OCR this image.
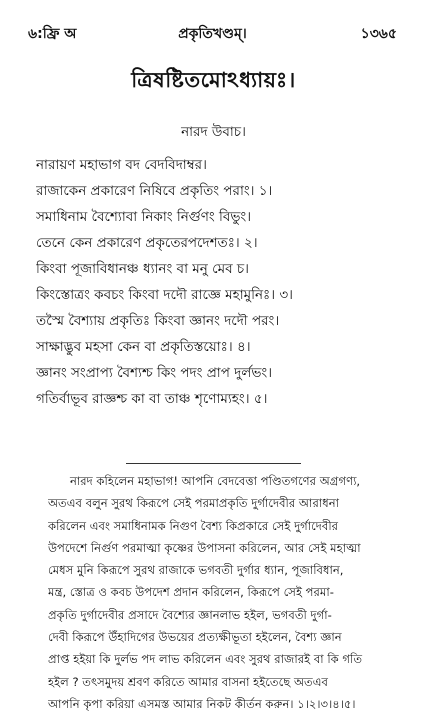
৬:ফ্রি অ	প্রকৃতিখণ্ডম্।	১৩৬৫
ত্রিষষ্টিতমোঽধ্যায়ঃ।
নারদ উবাচ।
নারায়ণ মহাভাগ বদ বেদবিদাম্বর।
রাজাকেন প্রকারেণ নিষিবে প্রকৃতিং পরাং। ১।
সমাধিনাম বৈশ্যোবা নিকাং নির্গুণং বিভুং।
তেনে কেন প্রকারেণ প্রকৃতেরপদেশতঃ। ২।
কিংবা পূজাবিধানঞ্চ ধ্যানং বা মনু মেব চ।
কিংস্তোত্রং কবচং কিংবা দদৌ রাজ্ঞে মহামুনিঃ। ৩।
তস্মৈ বৈশ্যায় প্রকৃতিঃ কিংবা জ্ঞানং দদৌ পরং।
সাক্ষাদ্ভুব মহসা কেন বা প্রকৃতিস্তয়োঃ। ৪।
জ্ঞানং সংপ্রাপ্য বৈশ্যশ্চ কিং পদং প্রাপ দুর্লভং।
গতির্বাভূব রাজ্ঞশ্চ কা বা তাঞ্চ শৃণোম্যহং। ৫।
নারদ কহিলেন মহাভাগ! আপনি বেদবেত্তা পণ্ডিতগণের অগ্রগণ্য,
অতএব বলুন সুরথ কিরূপে সেই পরমাপ্রকৃতি দুর্গাদেবীর আরাধনা
করিলেন এবং সমাধিনামক নিগুণ বৈশ্য কিপ্রকারে সেই দুর্গাদেবীর
উপদেশে নির্গুণ পরমাত্মা কৃষ্ণের উপাসনা করিলেন, আর সেই মহাত্মা
মেধস মুনি কিরূপে সুরথ রাজাকে ভগবতী দুর্গার ধ্যান, পূজাবিধান,
মন্ত্র, স্তোত্র ও কবচ উপদেশ প্রদান করিলেন, কিরূপে সেই পরমা-
প্রকৃতি দুর্গাদেবীর প্রসাদে বৈশ্যের জ্ঞানলাভ হইল, ভগবতী দুর্গা-
দেবী কিরূপে উঁহাদিগের উভয়ের প্রত্যক্ষীভূতা হইলেন, বৈশ্য জ্ঞান
প্রাপ্ত হইয়া কি দুর্লভ পদ লাভ করিলেন এবং সুরথ রাজারই বা কি গতি
হইল ? তৎসমুদয় শ্রবণ করিতে আমার বাসনা হইতেছে অতএব
আপনি কৃপা করিয়া এসমস্ত আমার নিকট কীর্তন করুন। ১।২।৩।৪।৫।
